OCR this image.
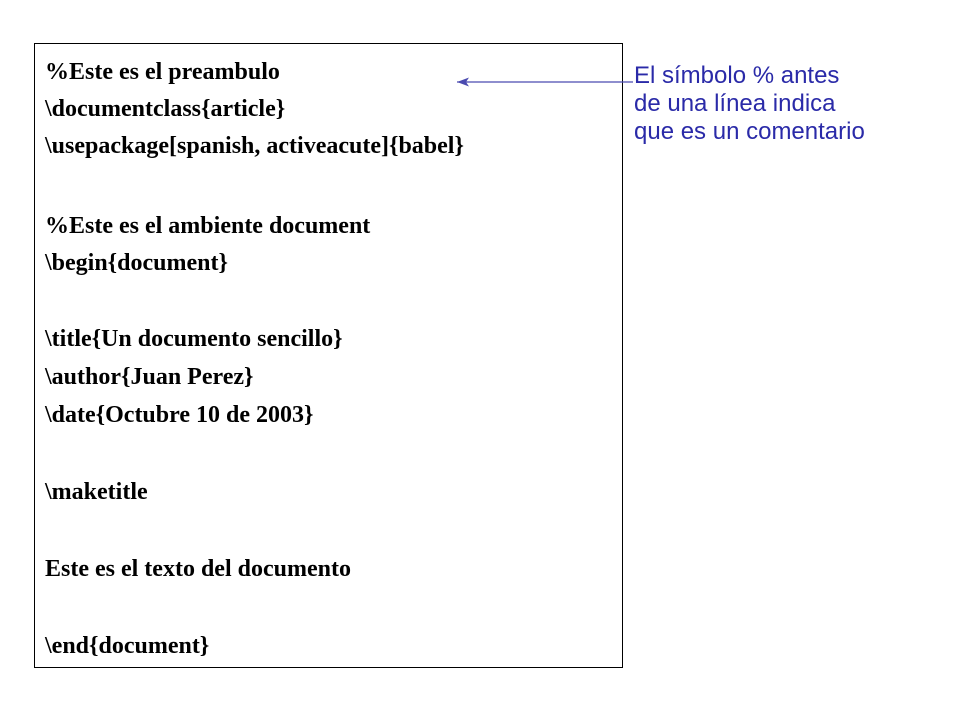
%Este es el preambulo
\documentclass{article}
\usepackage[spanish, activeacute]{babel}
%Este es el ambiente document
\begin{document}
\title{Un documento sencillo}
\author{Juan Perez}
\date{Octubre 10 de 2003}
\maketitle
Este es el texto del documento
\end{document}
El símbolo % antes
de una línea indica
que es un comentario
